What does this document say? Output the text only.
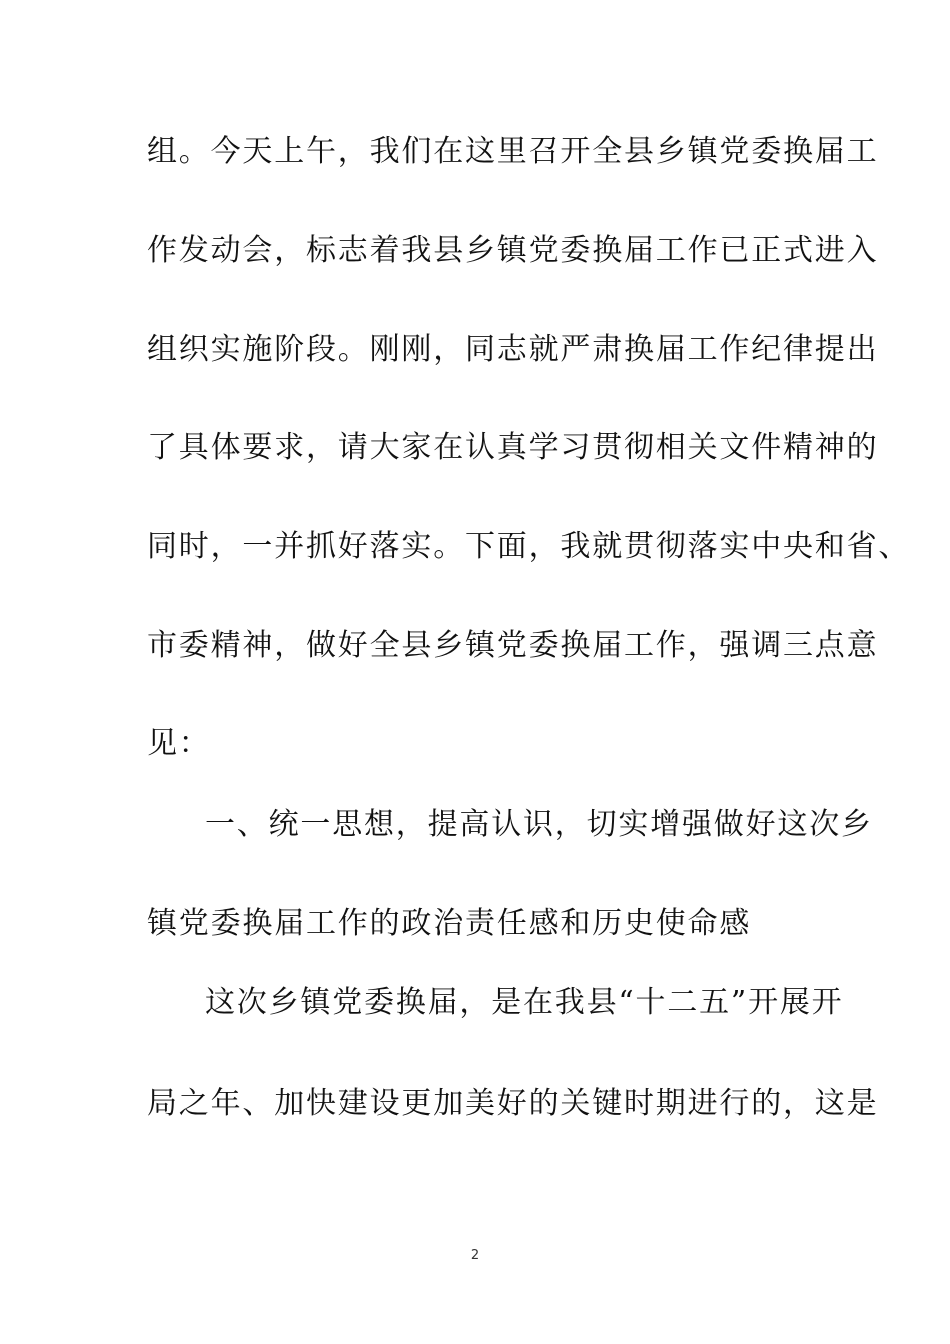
组。今天上午，我们在这里召开全县乡镇党委换届工
作发动会，标志着我县乡镇党委换届工作已正式进入
组织实施阶段。刚刚，同志就严肃换届工作纪律提出
了具体要求，请大家在认真学习贯彻相关文件精神的
同时，一并抓好落实。下面，我就贯彻落实中央和省、
市委精神，做好全县乡镇党委换届工作，强调三点意
见：
一、统一思想，提高认识，切实增强做好这次乡
镇党委换届工作的政治责任感和历史使命感
这次乡镇党委换届，是在我县“十二五”开展开
局之年、加快建设更加美好的关键时期进行的，这是
2
